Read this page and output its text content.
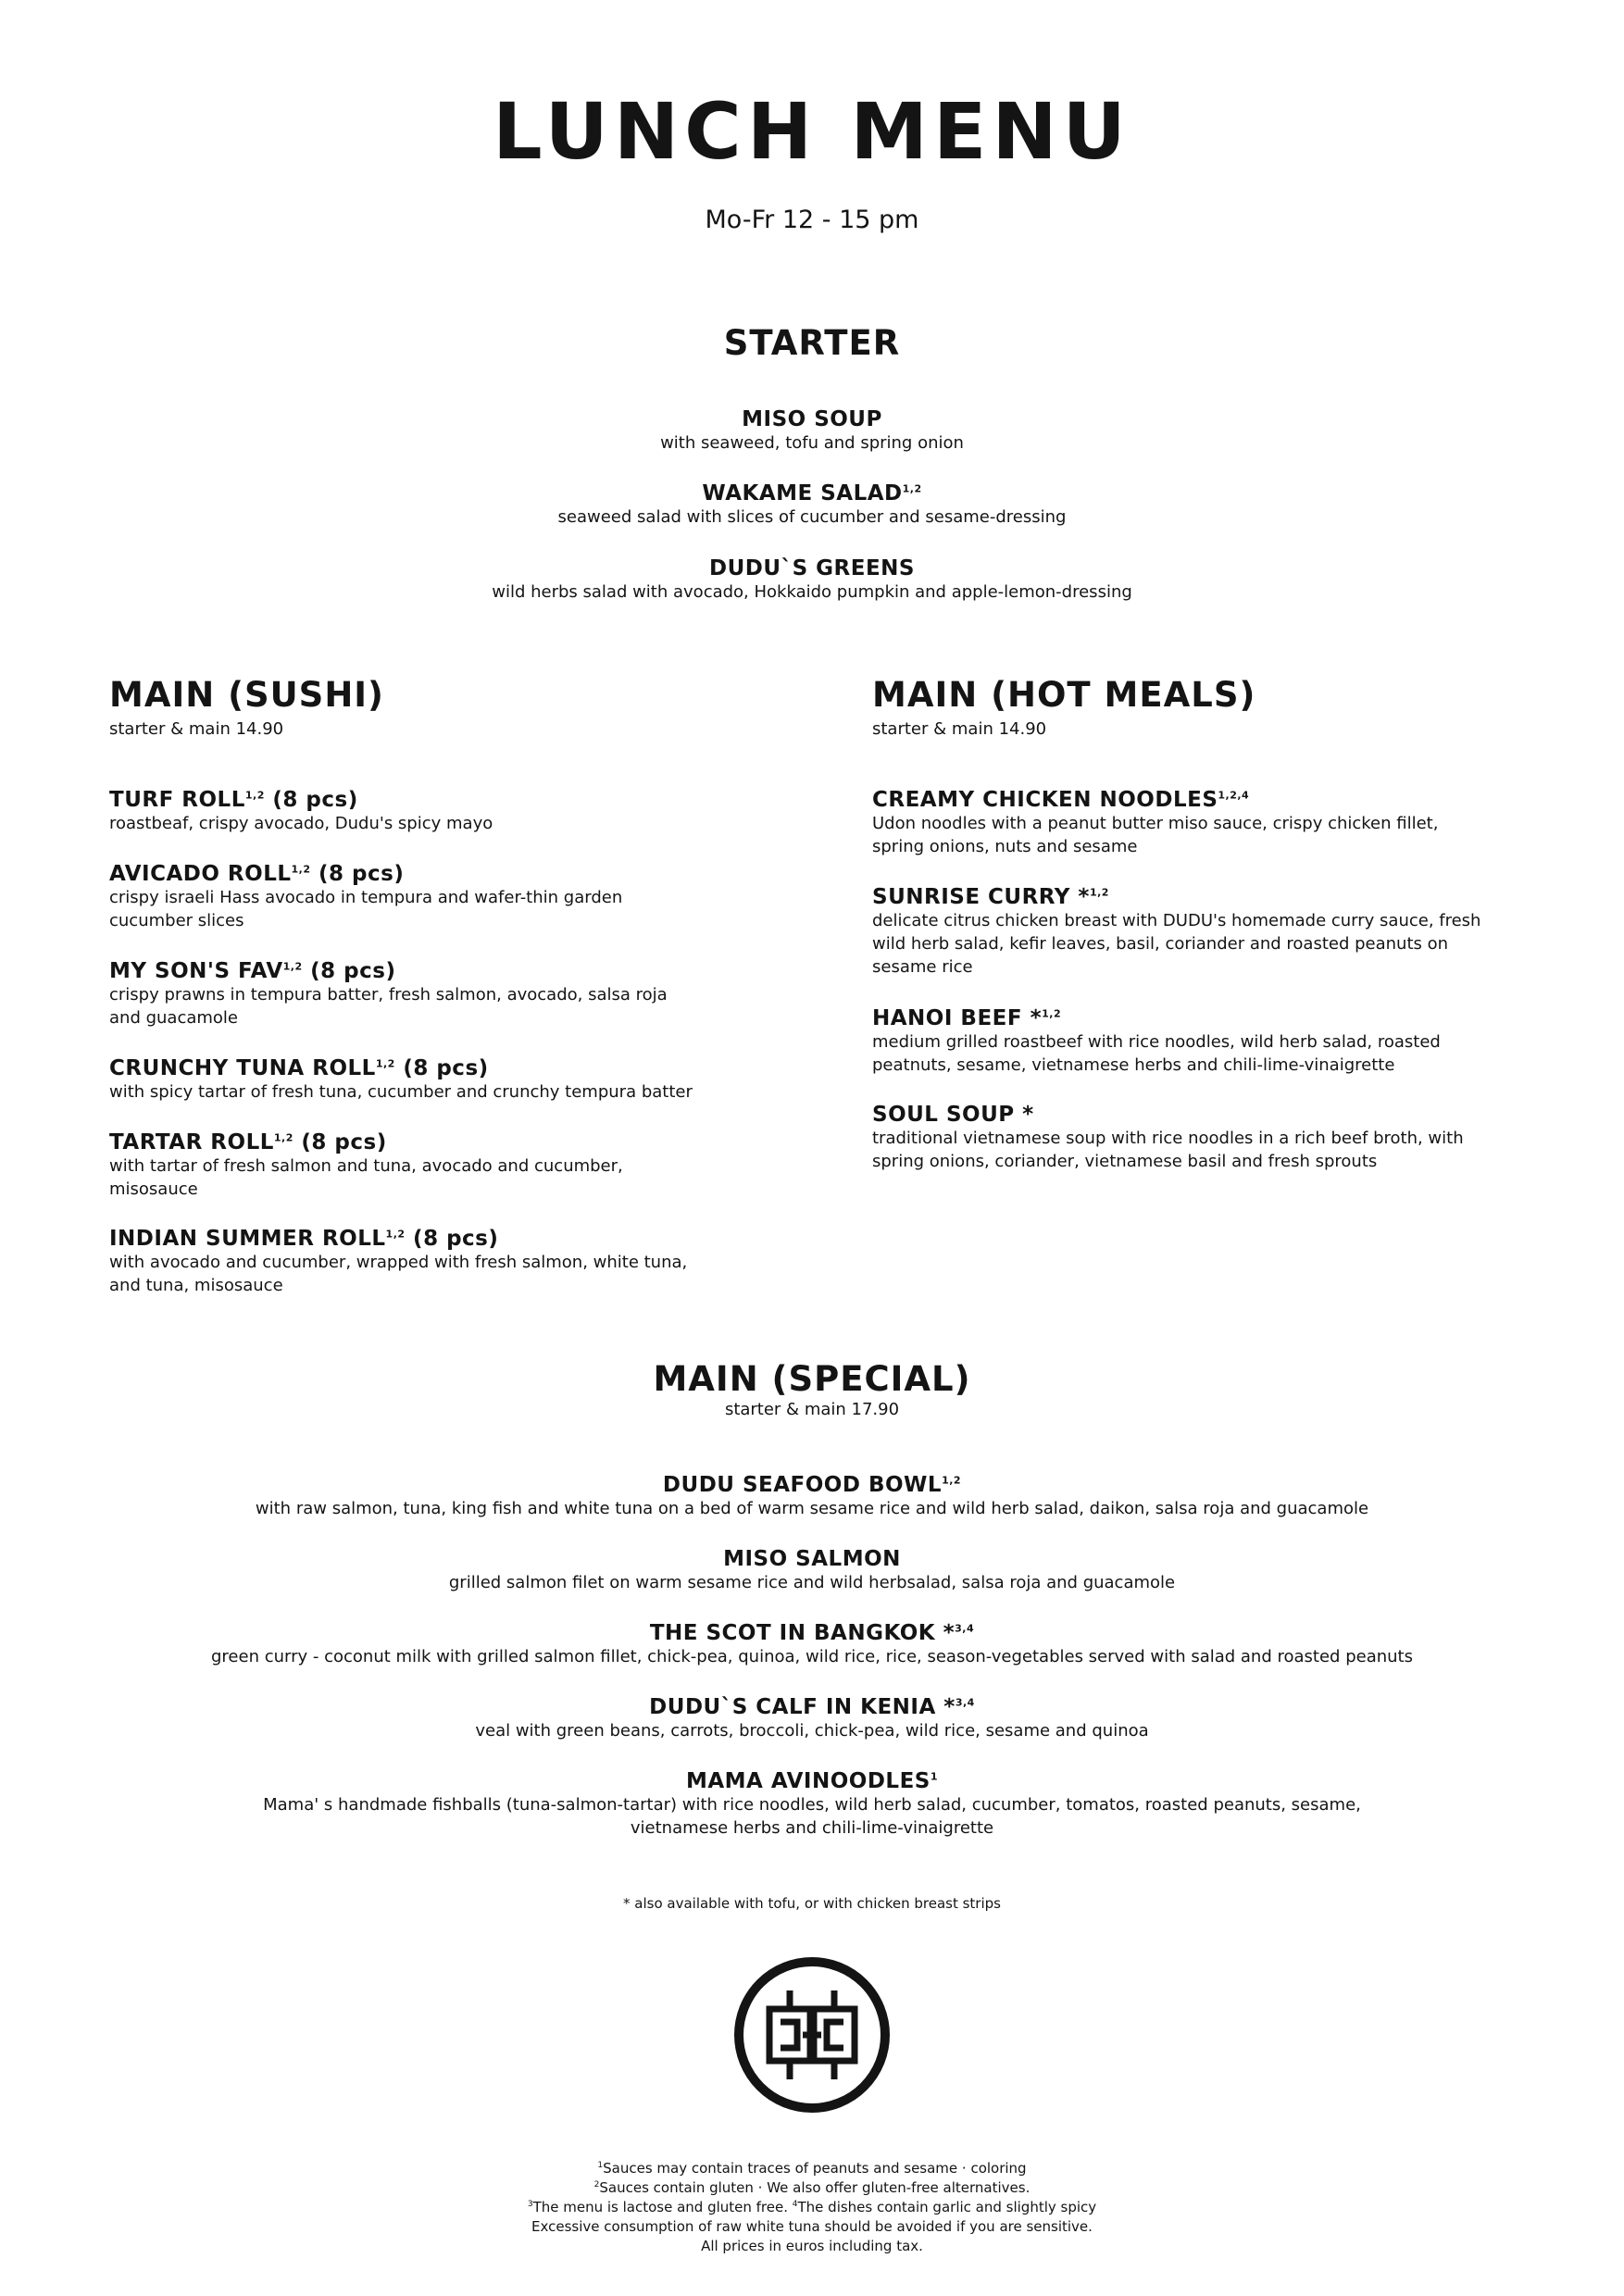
LUNCH MENU
Mo-Fr 12 - 15 pm
STARTER
MISO SOUP
with seaweed, tofu and spring onion
WAKAME SALAD$^{1,2}$
seaweed salad with slices of cucumber and sesame-dressing
DUDU`S GREENS
wild herbs salad with avocado, Hokkaido pumpkin and apple-lemon-dressing
MAIN (SUSHI)
starter & main 14.90
TURF ROLL$^{1,2}$ (8 pcs)
roastbeaf, crispy avocado, Dudu's spicy mayo
AVICADO ROLL$^{1,2}$ (8 pcs)
crispy israeli Hass avocado in tempura and wafer-thin garden cucumber slices
MY SON'S FAV$^{1,2}$ (8 pcs)
crispy prawns in tempura batter, fresh salmon, avocado, salsa roja and guacamole
CRUNCHY TUNA ROLL$^{1,2}$ (8 pcs)
with spicy tartar of fresh tuna, cucumber and crunchy tempura batter
TARTAR ROLL$^{1,2}$ (8 pcs)
with tartar of fresh salmon and tuna, avocado and cucumber, misosauce
INDIAN SUMMER ROLL$^{1,2}$ (8 pcs)
with avocado and cucumber, wrapped with fresh salmon, white tuna, and tuna, misosauce
MAIN (HOT MEALS)
starter & main 14.90
CREAMY CHICKEN NOODLES$^{1,2,4}$
Udon noodles with a peanut butter miso sauce, crispy chicken fillet, spring onions, nuts and sesame
SUNRISE CURRY *$^{1,2}$
delicate citrus chicken breast with DUDU's homemade curry sauce, fresh wild herb salad, kefir leaves, basil, coriander and roasted peanuts on sesame rice
HANOI BEEF *$^{1,2}$
medium grilled roastbeef with rice noodles, wild herb salad, roasted peatnuts, sesame, vietnamese herbs and chili-lime-vinaigrette
SOUL SOUP *
traditional vietnamese soup with rice noodles in a rich beef broth, with spring onions, coriander, vietnamese basil and fresh sprouts
MAIN (SPECIAL)
starter & main 17.90
DUDU SEAFOOD BOWL$^{1,2}$
with raw salmon, tuna, king fish and white tuna on a bed of warm sesame rice and wild herb salad, daikon, salsa roja and guacamole
MISO SALMON
grilled salmon filet on warm sesame rice and wild herbsalad, salsa roja and guacamole
THE SCOT IN BANGKOK *$^{3,4}$
green curry - coconut milk with grilled salmon fillet, chick-pea, quinoa, wild rice, rice, season-vegetables served with salad and roasted peanuts
DUDU`S CALF IN KENIA *$^{3,4}$
veal with green beans, carrots, broccoli, chick-pea, wild rice, sesame and quinoa
MAMA AVINOODLES$^1$
Mama' s handmade fishballs (tuna-salmon-tartar) with rice noodles, wild herb salad, cucumber, tomatos, roasted peanuts, sesame,
vietnamese herbs and chili-lime-vinaigrette
* also available with tofu, or with chicken breast strips
$^1$Sauces may contain traces of peanuts and sesame · coloring
$^2$Sauces contain gluten · We also offer gluten-free alternatives.
$^3$The menu is lactose and gluten free. $^4$The dishes contain garlic and slightly spicy
Excessive consumption of raw white tuna should be avoided if you are sensitive.
All prices in euros including tax.
